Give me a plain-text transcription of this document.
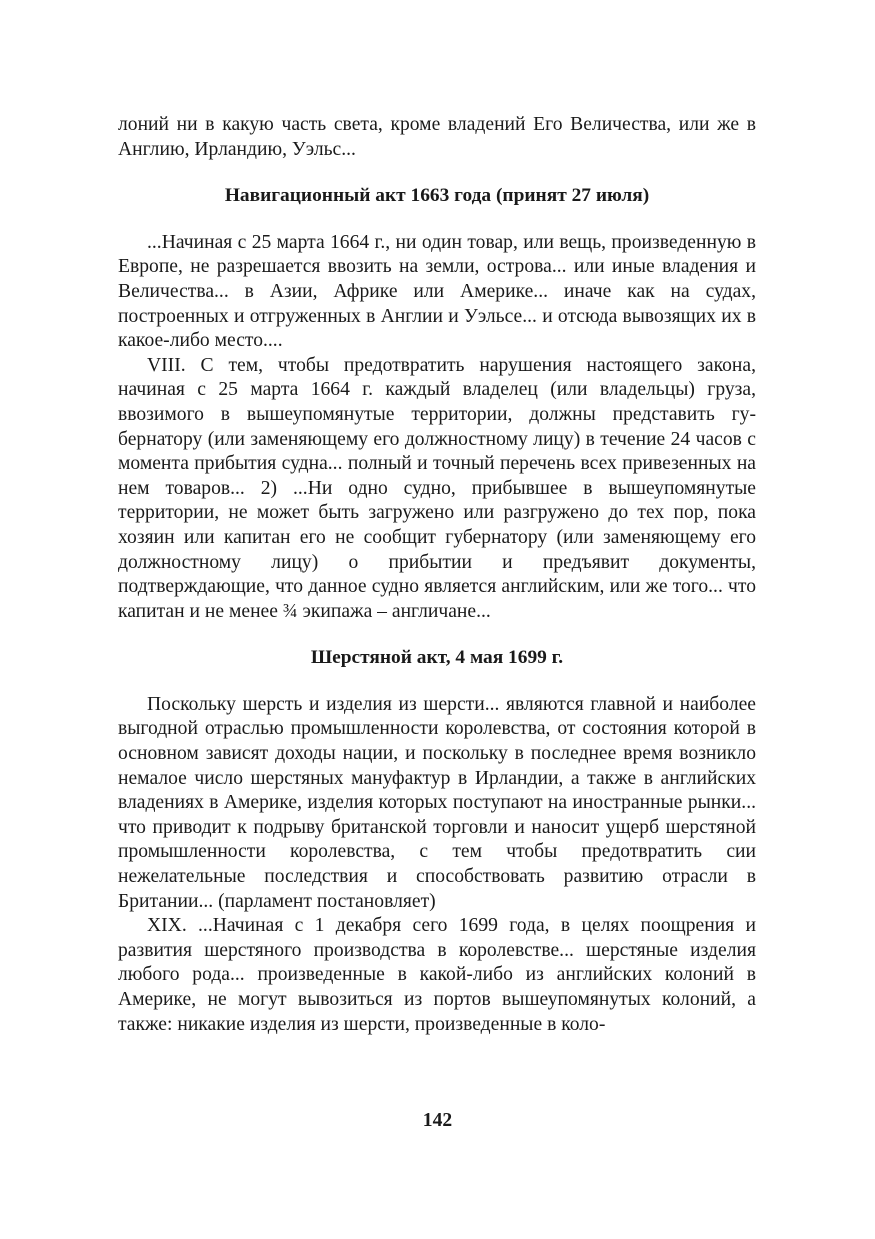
лоний ни в какую часть света, кроме владений Его Величества, или же в Англию, Ирландию, Уэльс...

Навигационный акт 1663 года (принят 27 июля)

...Начиная с 25 марта 1664 г., ни один товар, или вещь, произведенную в Европе, не разрешается ввозить на земли, острова... или иные владения и Величества... в Азии, Африке или Америке... иначе как на судах, построенных и отгруженных в Англии и Уэльсе... и отсюда вывозящих их в какое-либо место....

VIII. С тем, чтобы предотвратить нарушения настоящего закона, начиная с 25 марта 1664 г. каждый владелец (или владельцы) груза, ввозимого в вышеупомянутые территории, должны представить губернатору (или заменяющему его должностному лицу) в течение 24 часов с момента прибытия судна... полный и точный перечень всех привезенных на нем товаров... 2) ...Ни одно судно, прибывшее в вышеупомянутые территории, не может быть загружено или разгружено до тех пор, пока хозяин или капитан его не сообщит губернатору (или заменяющему его должностному лицу) о прибытии и предъявит документы, подтверждающие, что данное судно является английским, или же того... что капитан и не менее ¾ экипажа – англичане...

Шерстяной акт, 4 мая 1699 г.

Поскольку шерсть и изделия из шерсти... являются главной и наиболее выгодной отраслью промышленности королевства, от состояния которой в основном зависят доходы нации, и поскольку в последнее время возникло немалое число шерстяных мануфактур в Ирландии, а также в английских владениях в Америке, изделия которых поступают на иностранные рынки... что приводит к подрыву британской торговли и наносит ущерб шерстяной промышленности королевства, с тем чтобы предотвратить сии нежелательные последствия и способствовать развитию отрасли в Британии... (парламент постановляет)

XIX. ...Начиная с 1 декабря сего 1699 года, в целях поощрения и развития шерстяного производства в королевстве... шерстяные изделия любого рода... произведенные в какой-либо из английских колоний в Америке, не могут вывозиться из портов вышеупомянутых колоний, а также: никакие изделия из шерсти, произведенные в коло-

142
